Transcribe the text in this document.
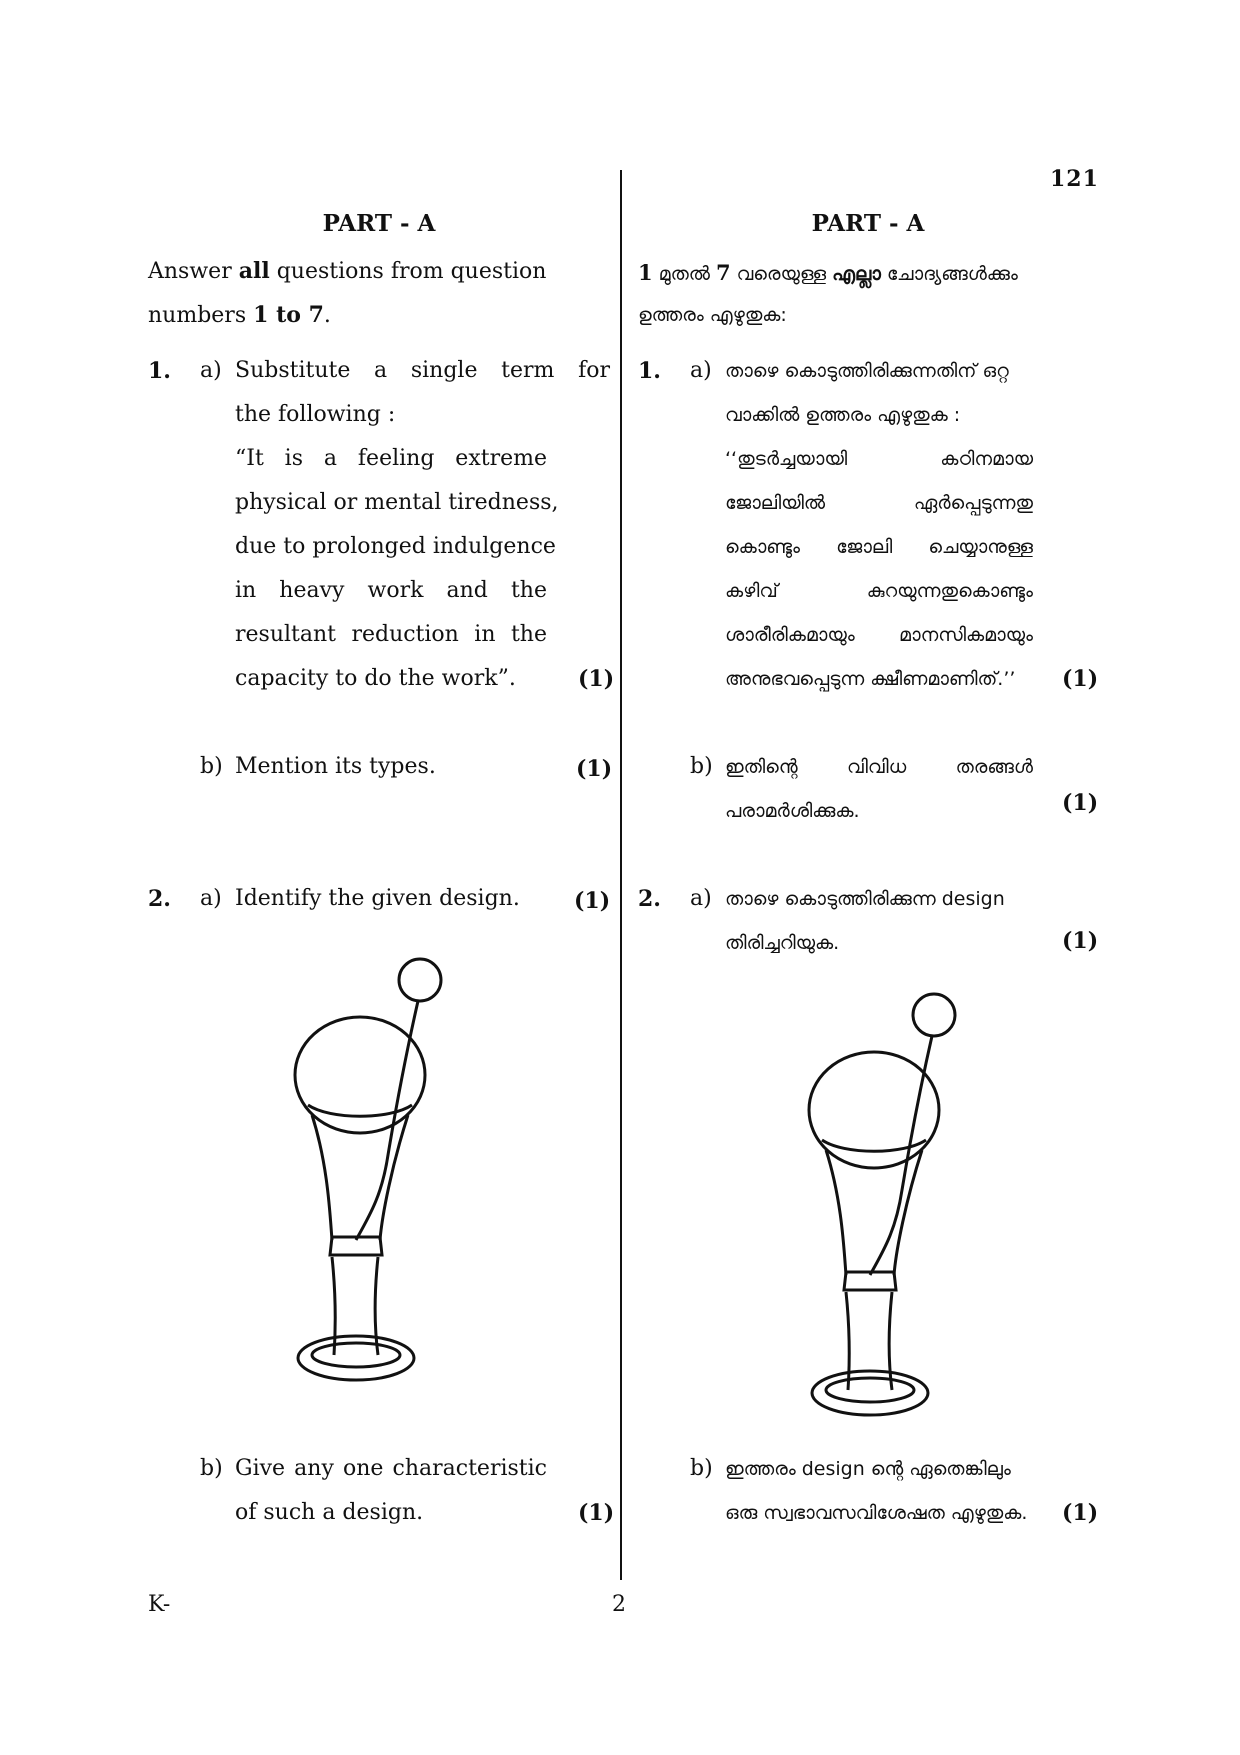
121
PART - A
Answer all questions from question
numbers 1 to 7.
1. a) Substitute a single term for
the following :
“It is a feeling extreme
physical or mental tiredness,
due to prolonged indulgence
in heavy work and the
resultant reduction in the
capacity to do the work”.	(1)
b) Mention its types.	(1)
2. a) Identify the given design. (1)
b) Give any one characteristic
of such a design.	(1)
PART - A
1 മുതൽ 7 വരെയുള്ള എല്ലാ ചോദ്യങ്ങൾക്കും
ഉത്തരം എഴുതുക:
1. a) താഴെ കൊടുത്തിരിക്കുന്നതിന് ഒറ്റ
വാക്കിൽ ഉത്തരം എഴുതുക :
‘‘തുടർച്ചയായി കഠിനമായ
ജോലിയിൽ ഏർപ്പെടുന്നതു
കൊണ്ടും ജോലി ചെയ്യാനുള്ള
കഴിവ് കുറയുന്നതുകൊണ്ടും
ശാരീരികമായും മാനസികമായും
അനുഭവപ്പെടുന്ന ക്ഷീണമാണിത്.’’ (1)
b) ഇതിന്റെ വിവിധ തരങ്ങൾ
പരാമർശിക്കുക.	(1)
2. a) താഴെ കൊടുത്തിരിക്കുന്ന design
തിരിച്ചറിയുക.	(1)
b) ഇത്തരം design ന്റെ ഏതെങ്കിലും
ഒരു സ്വഭാവസവിശേഷത എഴുതുക. (1)
K-	2
